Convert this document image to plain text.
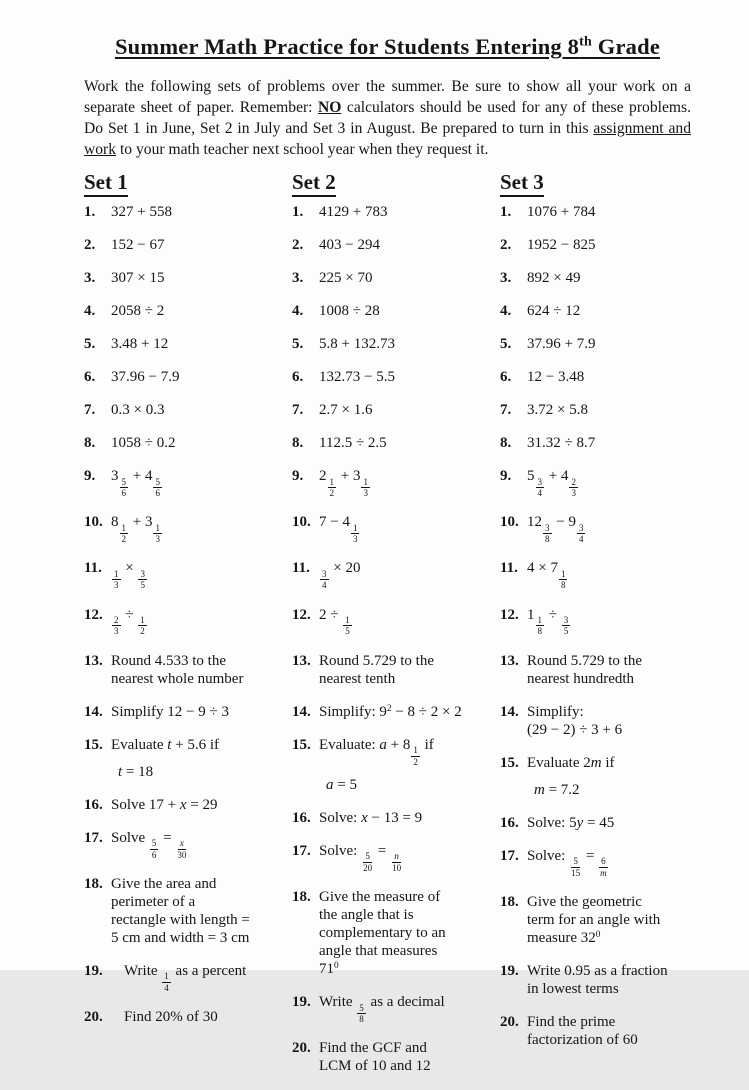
Summer Math Practice for Students Entering 8th Grade

Work the following sets of problems over the summer. Be sure to show all your work on a separate sheet of paper. Remember: NO calculators should be used for any of these problems. Do Set 1 in June, Set 2 in July and Set 3 in August. Be prepared to turn in this assignment and work to your math teacher next school year when they request it.

Set 1
1.	327 + 558
2.	152 − 67
3.	307 × 15
4.	2058 ÷ 2
5.	3.48 + 12
6.	37.96 − 7.9
7.	0.3 × 0.3
8.	1058 ÷ 0.2
9.	3
$\frac{5}{6}$
+ 4
$\frac{5}{6}$
10. 8
$\frac{1}{2}$
+ 3
$\frac{1}{3}$
11.
$\frac{1}{3}$
×
$\frac{3}{5}$
12.
$\frac{2}{3}$
÷
$\frac{1}{2}$
13. Round 4.533 to the
nearest whole number
14. Simplify 12 − 9 ÷ 3
15. Evaluate t + 5.6 if
t = 18
16. Solve 17 + x = 29
17. Solve
$\frac{5}{6}$
=
$\frac{x}{30}$
18. Give the area and
perimeter of a
rectangle with length =
5 cm and width = 3 cm
19.	Write
$\frac{1}{4}$
as a percent
20.	Find 20% of 30
Set 2
1.	4129 + 783
2.	403 − 294
3.	225 × 70
4.	1008 ÷ 28
5.	5.8 + 132.73
6.	132.73 − 5.5
7.	2.7 × 1.6
8.	112.5 ÷ 2.5
9.	2
$\frac{1}{2}$
+ 3
$\frac{1}{3}$
10. 7 − 4
$\frac{1}{3}$
11.
$\frac{3}{4}$
× 20
12. 2 ÷
$\frac{1}{5}$
13. Round 5.729 to the
nearest tenth
14. Simplify: $9^2 - 8 \div 2 \times 2$
15. Evaluate: a + 8
$\frac{1}{2}$
if
a = 5
16. Solve: x − 13 = 9
17. Solve:
$\frac{5}{20}$
=
$\frac{n}{10}$
18. Give the measure of
the angle that is
complementary to an
angle that measures
$71^0$
19. Write
$\frac{5}{8}$
as a decimal
20. Find the GCF and
LCM of 10 and 12
Set 3
1.	1076 + 784
2.	1952 − 825
3.	892 × 49
4.	624 ÷ 12
5.	37.96 + 7.9
6.	12 − 3.48
7.	3.72 × 5.8
8.	31.32 ÷ 8.7
9.	5
$\frac{3}{4}$
+ 4
$\frac{2}{3}$
10. 12
$\frac{3}{8}$
− 9
$\frac{3}{4}$
11. 4 × 7
$\frac{1}{8}$
12. 1
$\frac{1}{8}$
÷
$\frac{3}{5}$
13. Round 5.729 to the
nearest hundredth
14. Simplify:
(29 − 2) ÷ 3 + 6
15. Evaluate 2m if
m = 7.2
16. Solve: 5y = 45
17. Solve:
$\frac{5}{15}$
=
$\frac{6}{m}$
18. Give the geometric
term for an angle with
measure $32^0$
19. Write 0.95 as a fraction
in lowest terms
20. Find the prime
factorization of 60
